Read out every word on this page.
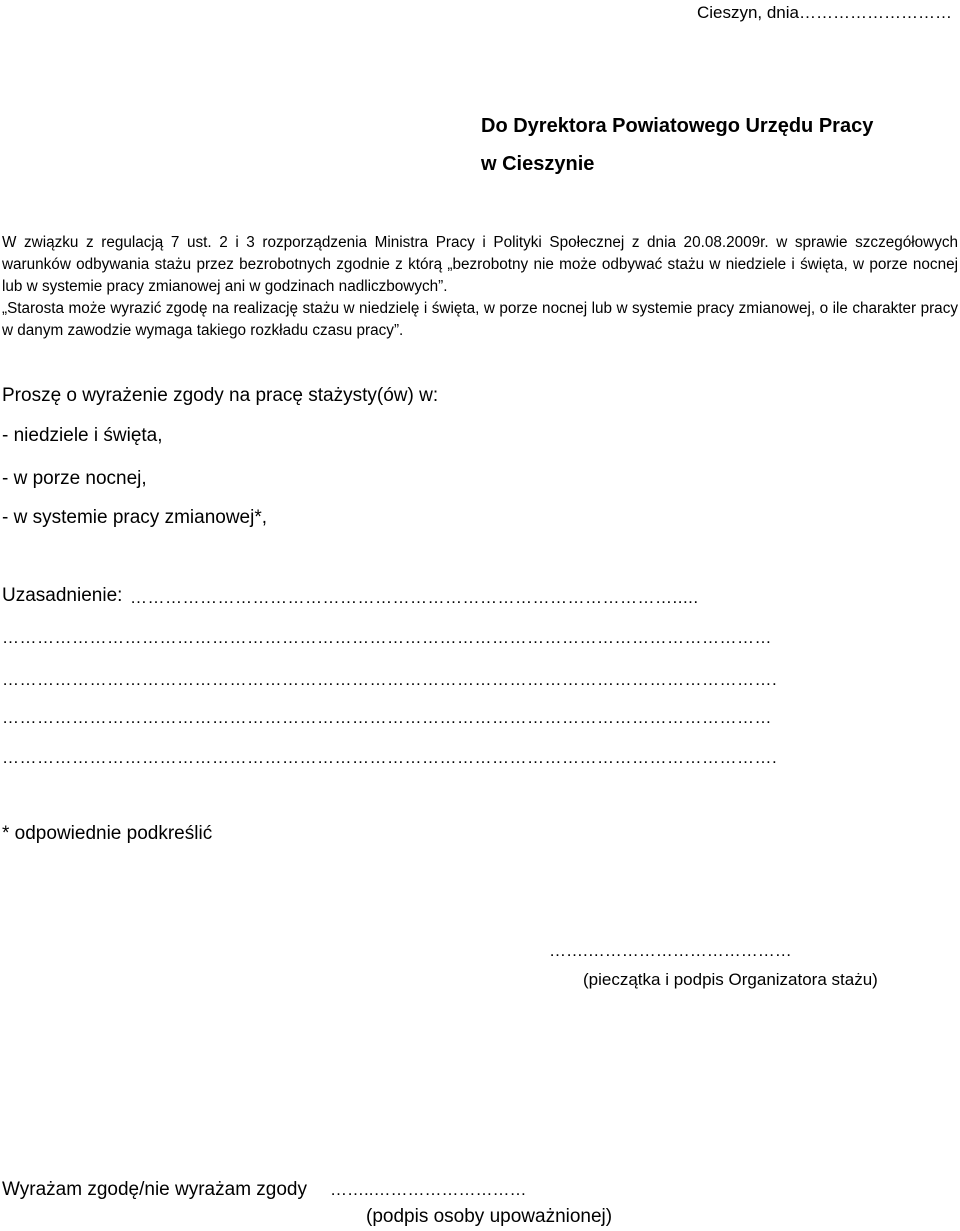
Cieszyn, dnia………………………
Do Dyrektora Powiatowego Urzędu Pracy
w Cieszynie

W związku z regulacją 7 ust. 2 i 3 rozporządzenia Ministra Pracy i Polityki Społecznej z dnia 20.08.2009r. w sprawie szczegółowych warunków odbywania stażu przez bezrobotnych zgodnie z którą „bezrobotny nie może odbywać stażu w niedziele i święta, w porze nocnej lub w systemie pracy zmianowej ani w godzinach nadliczbowych”.

„Starosta może wyrazić zgodę na realizację stażu w niedzielę i święta, w porze nocnej lub w systemie pracy zmianowej, o ile charakter pracy w danym zawodzie wymaga takiego rozkładu czasu pracy”.

Proszę o wyrażenie zgody na pracę stażysty(ów) w:
- niedziele i święta,
- w porze nocnej,
- w systemie pracy zmianowej*,
Uzasadnienie: ………………………………………………………………………………….....
……………………………………………………………………………………………………………………
…………………………………………………………………………………………………………………….
……………………………………………………………………………………………………………………
…………………………………………………………………………………………………………………….
* odpowiednie podkreślić
…….………………………………
(pieczątka i podpis Organizatora stażu)
Wyrażam zgodę/nie wyrażam zgody ……..………………………
(podpis osoby upoważnionej)
